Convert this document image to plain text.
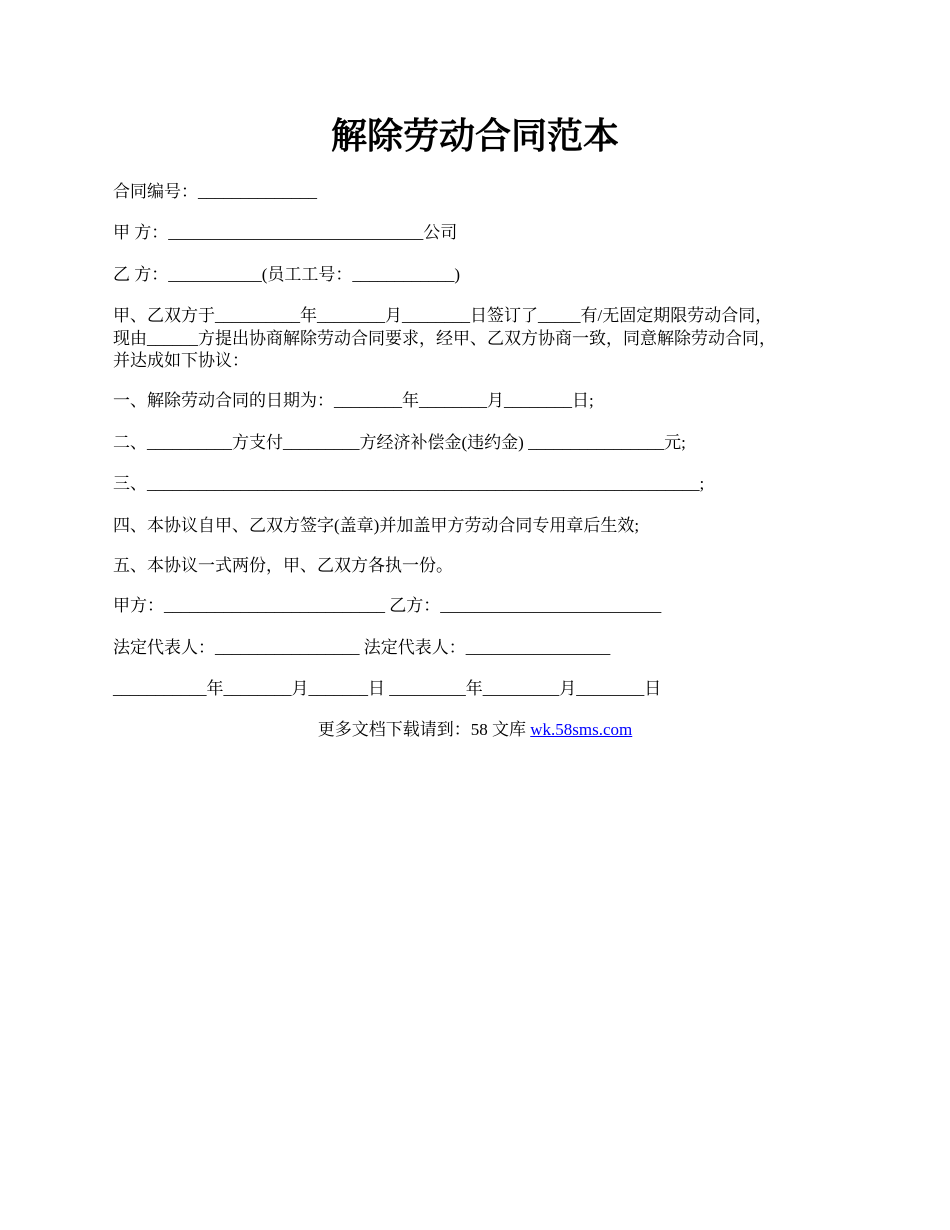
解除劳动合同范本
合同编号：______________
甲 方：______________________________公司
乙 方：___________(员工工号：____________)
甲、乙双方于__________年________月________日签订了_____有/无固定期限劳动合同，
现由______方提出协商解除劳动合同要求，经甲、乙双方协商一致，同意解除劳动合同，
并达成如下协议：
一、解除劳动合同的日期为：________年________月________日;
二、__________方支付_________方经济补偿金(违约金) ________________元;
三、_________________________________________________________________;
四、本协议自甲、乙双方签字(盖章)并加盖甲方劳动合同专用章后生效;
五、本协议一式两份，甲、乙双方各执一份。
甲方：__________________________ 乙方：__________________________
法定代表人：_________________ 法定代表人：_________________
___________年________月_______日 _________年_________月________日
更多文档下载请到：58 文库 wk.58sms.com
